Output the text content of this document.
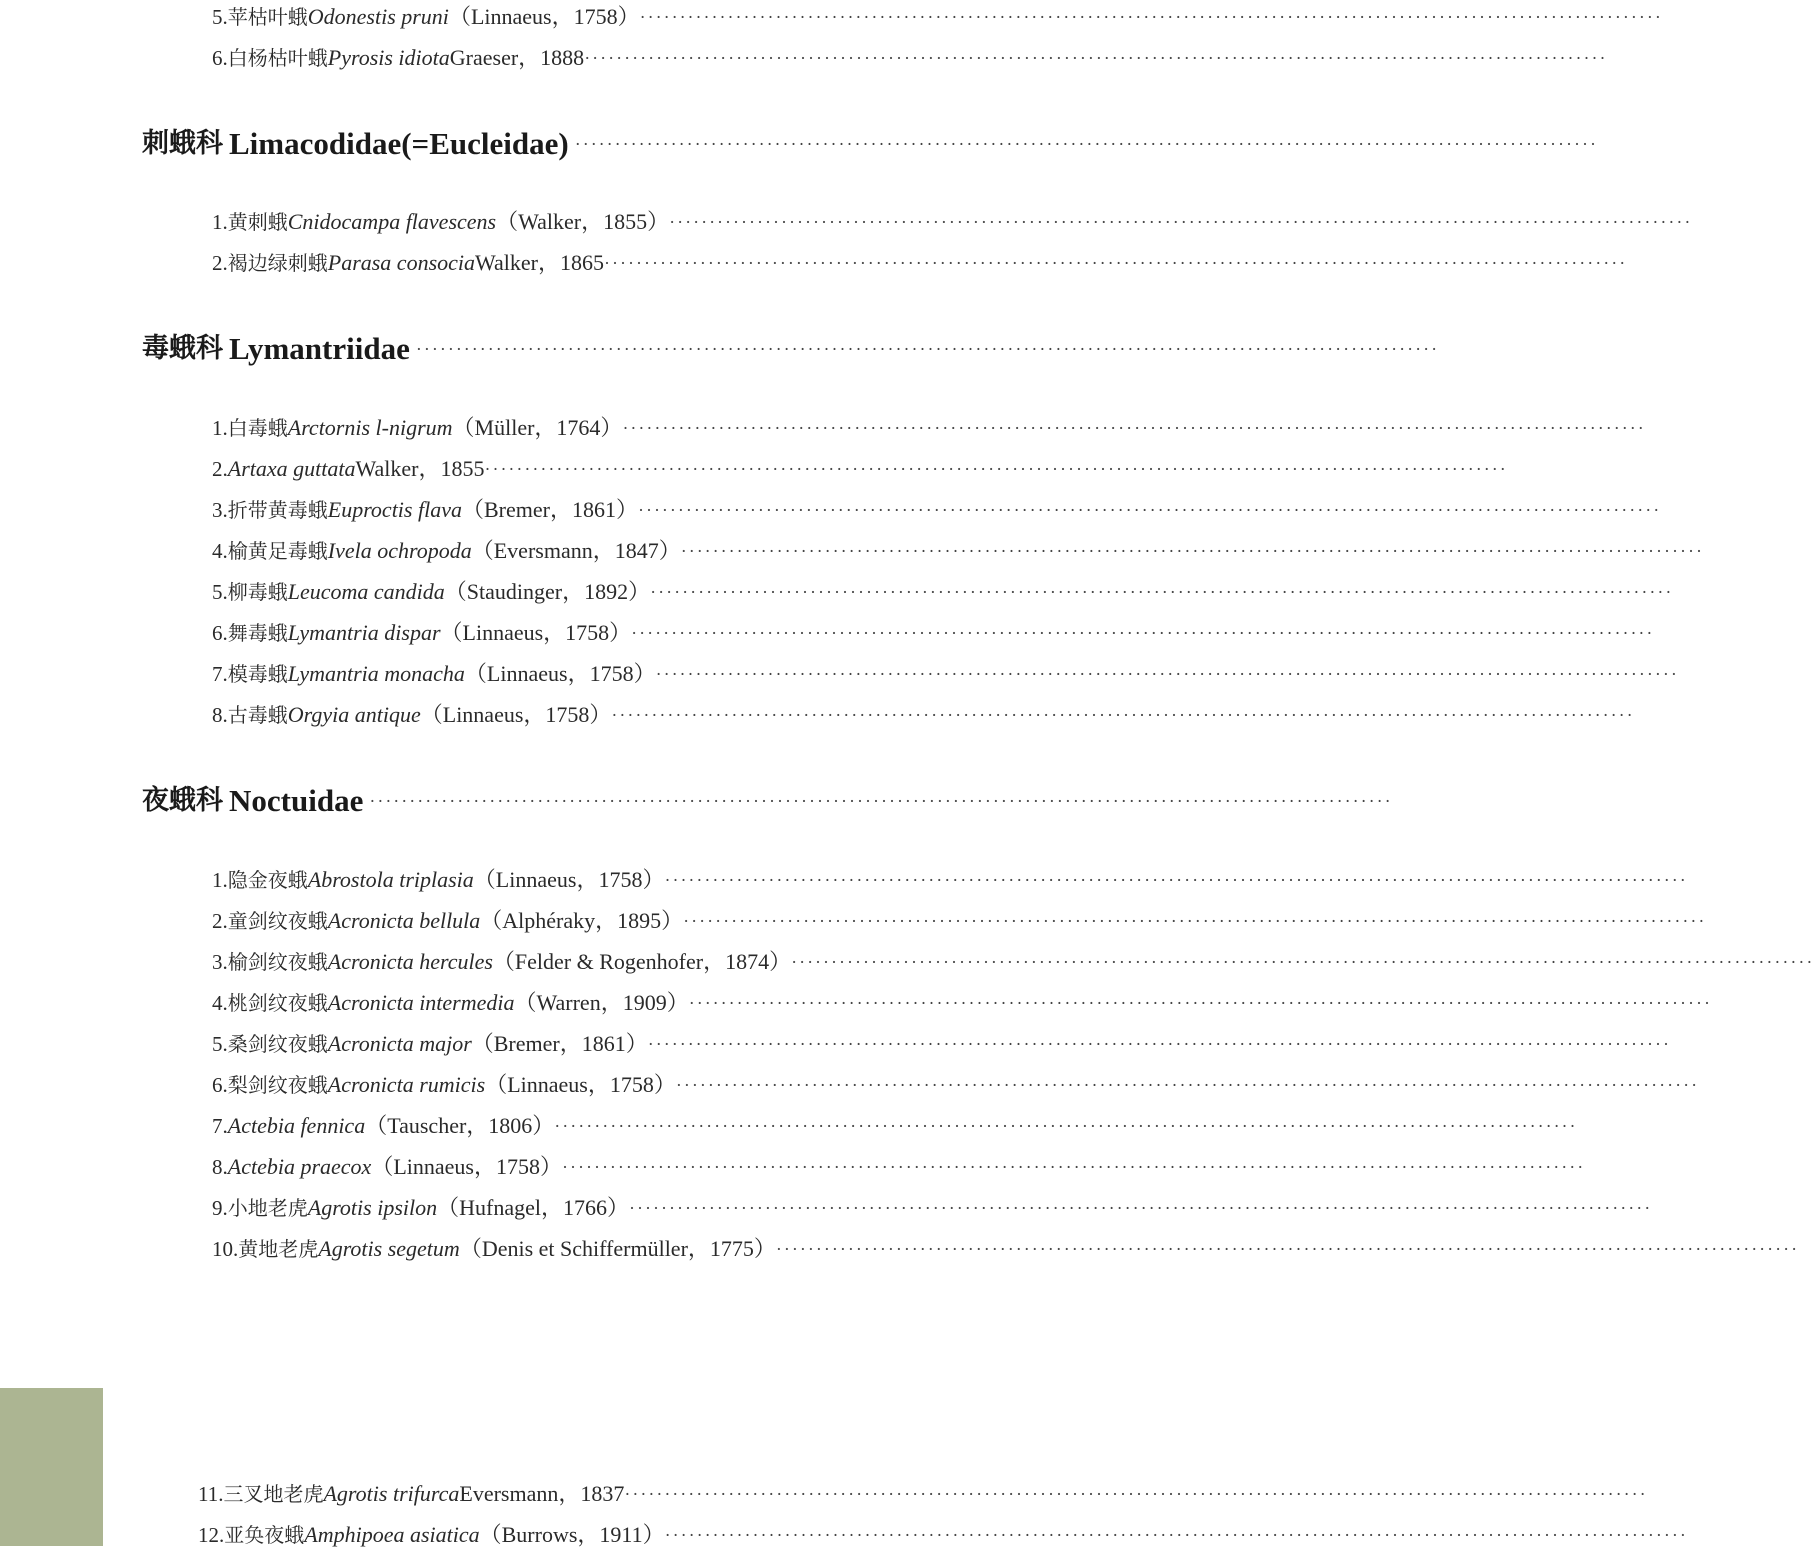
5. 苹枯叶蛾 Odonestis pruni （Linnaeus，1758） ································································································································
6. 白杨枯叶蛾 Pyrosis idiota Graeser，1888 ································································································································
刺蛾科 Limacodidae(=Eucleidae) ································································································································
1. 黄刺蛾 Cnidocampa flavescens （Walker，1855） ································································································································
2. 褐边绿刺蛾 Parasa consocia Walker，1865 ································································································································
毒蛾科 Lymantriidae ································································································································
1. 白毒蛾 Arctornis l-nigrum （Müller，1764） ································································································································
2. Artaxa guttata Walker，1855 ································································································································
3. 折带黄毒蛾 Euproctis flava （Bremer，1861） ································································································································
4. 榆黄足毒蛾 Ivela ochropoda （Eversmann，1847） ································································································································
5. 柳毒蛾 Leucoma candida （Staudinger，1892） ································································································································
6. 舞毒蛾 Lymantria dispar （Linnaeus，1758） ································································································································
7. 模毒蛾 Lymantria monacha （Linnaeus，1758） ································································································································
8. 古毒蛾 Orgyia antique （Linnaeus，1758） ································································································································
夜蛾科 Noctuidae ································································································································
1. 隐金夜蛾 Abrostola triplasia （Linnaeus，1758） ································································································································
2. 童剑纹夜蛾 Acronicta bellula （Alphéraky，1895） ································································································································
3. 榆剑纹夜蛾 Acronicta hercules （Felder & Rogenhofer，1874） ································································································································
4. 桃剑纹夜蛾 Acronicta intermedia （Warren，1909） ································································································································
5. 桑剑纹夜蛾 Acronicta major （Bremer，1861） ································································································································
6. 梨剑纹夜蛾 Acronicta rumicis （Linnaeus，1758） ································································································································
7. Actebia fennica （Tauscher，1806） ································································································································
8. Actebia praecox （Linnaeus，1758） ································································································································
9. 小地老虎 Agrotis ipsilon （Hufnagel，1766） ································································································································
10. 黄地老虎 Agrotis segetum （Denis et Schiffermüller，1775） ································································································································
11. 三叉地老虎 Agrotis trifurca Eversmann，1837 ································································································································
12. 亚奂夜蛾 Amphipoea asiatica （Burrows，1911） ································································································································
